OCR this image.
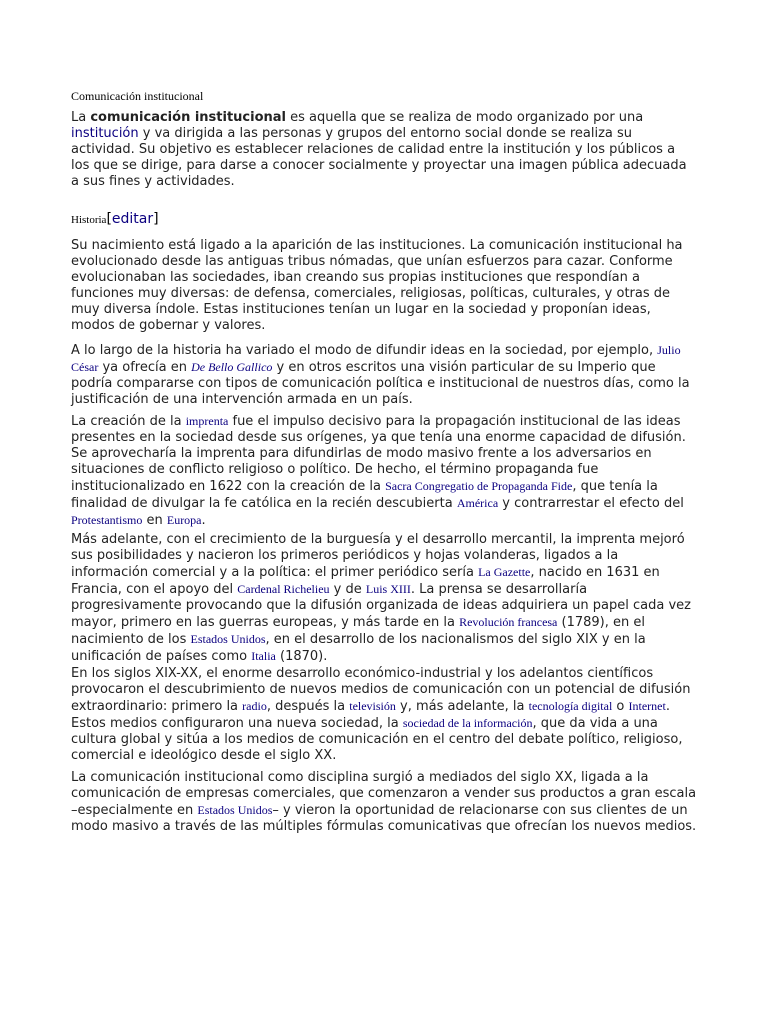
Comunicación institucional

La comunicación institucional es aquella que se realiza de modo organizado por una institución y va dirigida a las personas y grupos del entorno social donde se realiza su actividad. Su objetivo es establecer relaciones de calidad entre la institución y los públicos a los que se dirige, para darse a conocer socialmente y proyectar una imagen pública adecuada a sus fines y actividades.

Historia[editar]

Su nacimiento está ligado a la aparición de las instituciones. La comunicación institucional ha evolucionado desde las antiguas tribus nómadas, que unían esfuerzos para cazar. Conforme evolucionaban las sociedades, iban creando sus propias instituciones que respondían a funciones muy diversas: de defensa, comerciales, religiosas, políticas, culturales, y otras de muy diversa índole. Estas instituciones tenían un lugar en la sociedad y proponían ideas, modos de gobernar y valores.

A lo largo de la historia ha variado el modo de difundir ideas en la sociedad, por ejemplo, Julio César ya ofrecía en De Bello Gallico y en otros escritos una visión particular de su Imperio que podría compararse con tipos de comunicación política e institucional de nuestros días, como la justificación de una intervención armada en un país.

La creación de la imprenta fue el impulso decisivo para la propagación institucional de las ideas presentes en la sociedad desde sus orígenes, ya que tenía una enorme capacidad de difusión. Se aprovecharía la imprenta para difundirlas de modo masivo frente a los adversarios en situaciones de conflicto religioso o político. De hecho, el término propaganda fue institucionalizado en 1622 con la creación de la Sacra Congregatio de Propaganda Fide, que tenía la finalidad de divulgar la fe católica en la recién descubierta América y contrarrestar el efecto del Protestantismo en Europa.

Más adelante, con el crecimiento de la burguesía y el desarrollo mercantil, la imprenta mejoró sus posibilidades y nacieron los primeros periódicos y hojas volanderas, ligados a la información comercial y a la política: el primer periódico sería La Gazette, nacido en 1631 en Francia, con el apoyo del Cardenal Richelieu y de Luis XIII. La prensa se desarrollaría progresivamente provocando que la difusión organizada de ideas adquiriera un papel cada vez mayor, primero en las guerras europeas, y más tarde en la Revolución francesa (1789), en el nacimiento de los Estados Unidos, en el desarrollo de los nacionalismos del siglo XIX y en la unificación de países como Italia (1870).

En los siglos XIX-XX, el enorme desarrollo económico-industrial y los adelantos científicos provocaron el descubrimiento de nuevos medios de comunicación con un potencial de difusión extraordinario: primero la radio, después la televisión y, más adelante, la tecnología digital o Internet. Estos medios configuraron una nueva sociedad, la sociedad de la información, que da vida a una cultura global y sitúa a los medios de comunicación en el centro del debate político, religioso, comercial e ideológico desde el siglo XX.

La comunicación institucional como disciplina surgió a mediados del siglo XX, ligada a la comunicación de empresas comerciales, que comenzaron a vender sus productos a gran escala –especialmente en Estados Unidos– y vieron la oportunidad de relacionarse con sus clientes de un modo masivo a través de las múltiples fórmulas comunicativas que ofrecían los nuevos medios.
